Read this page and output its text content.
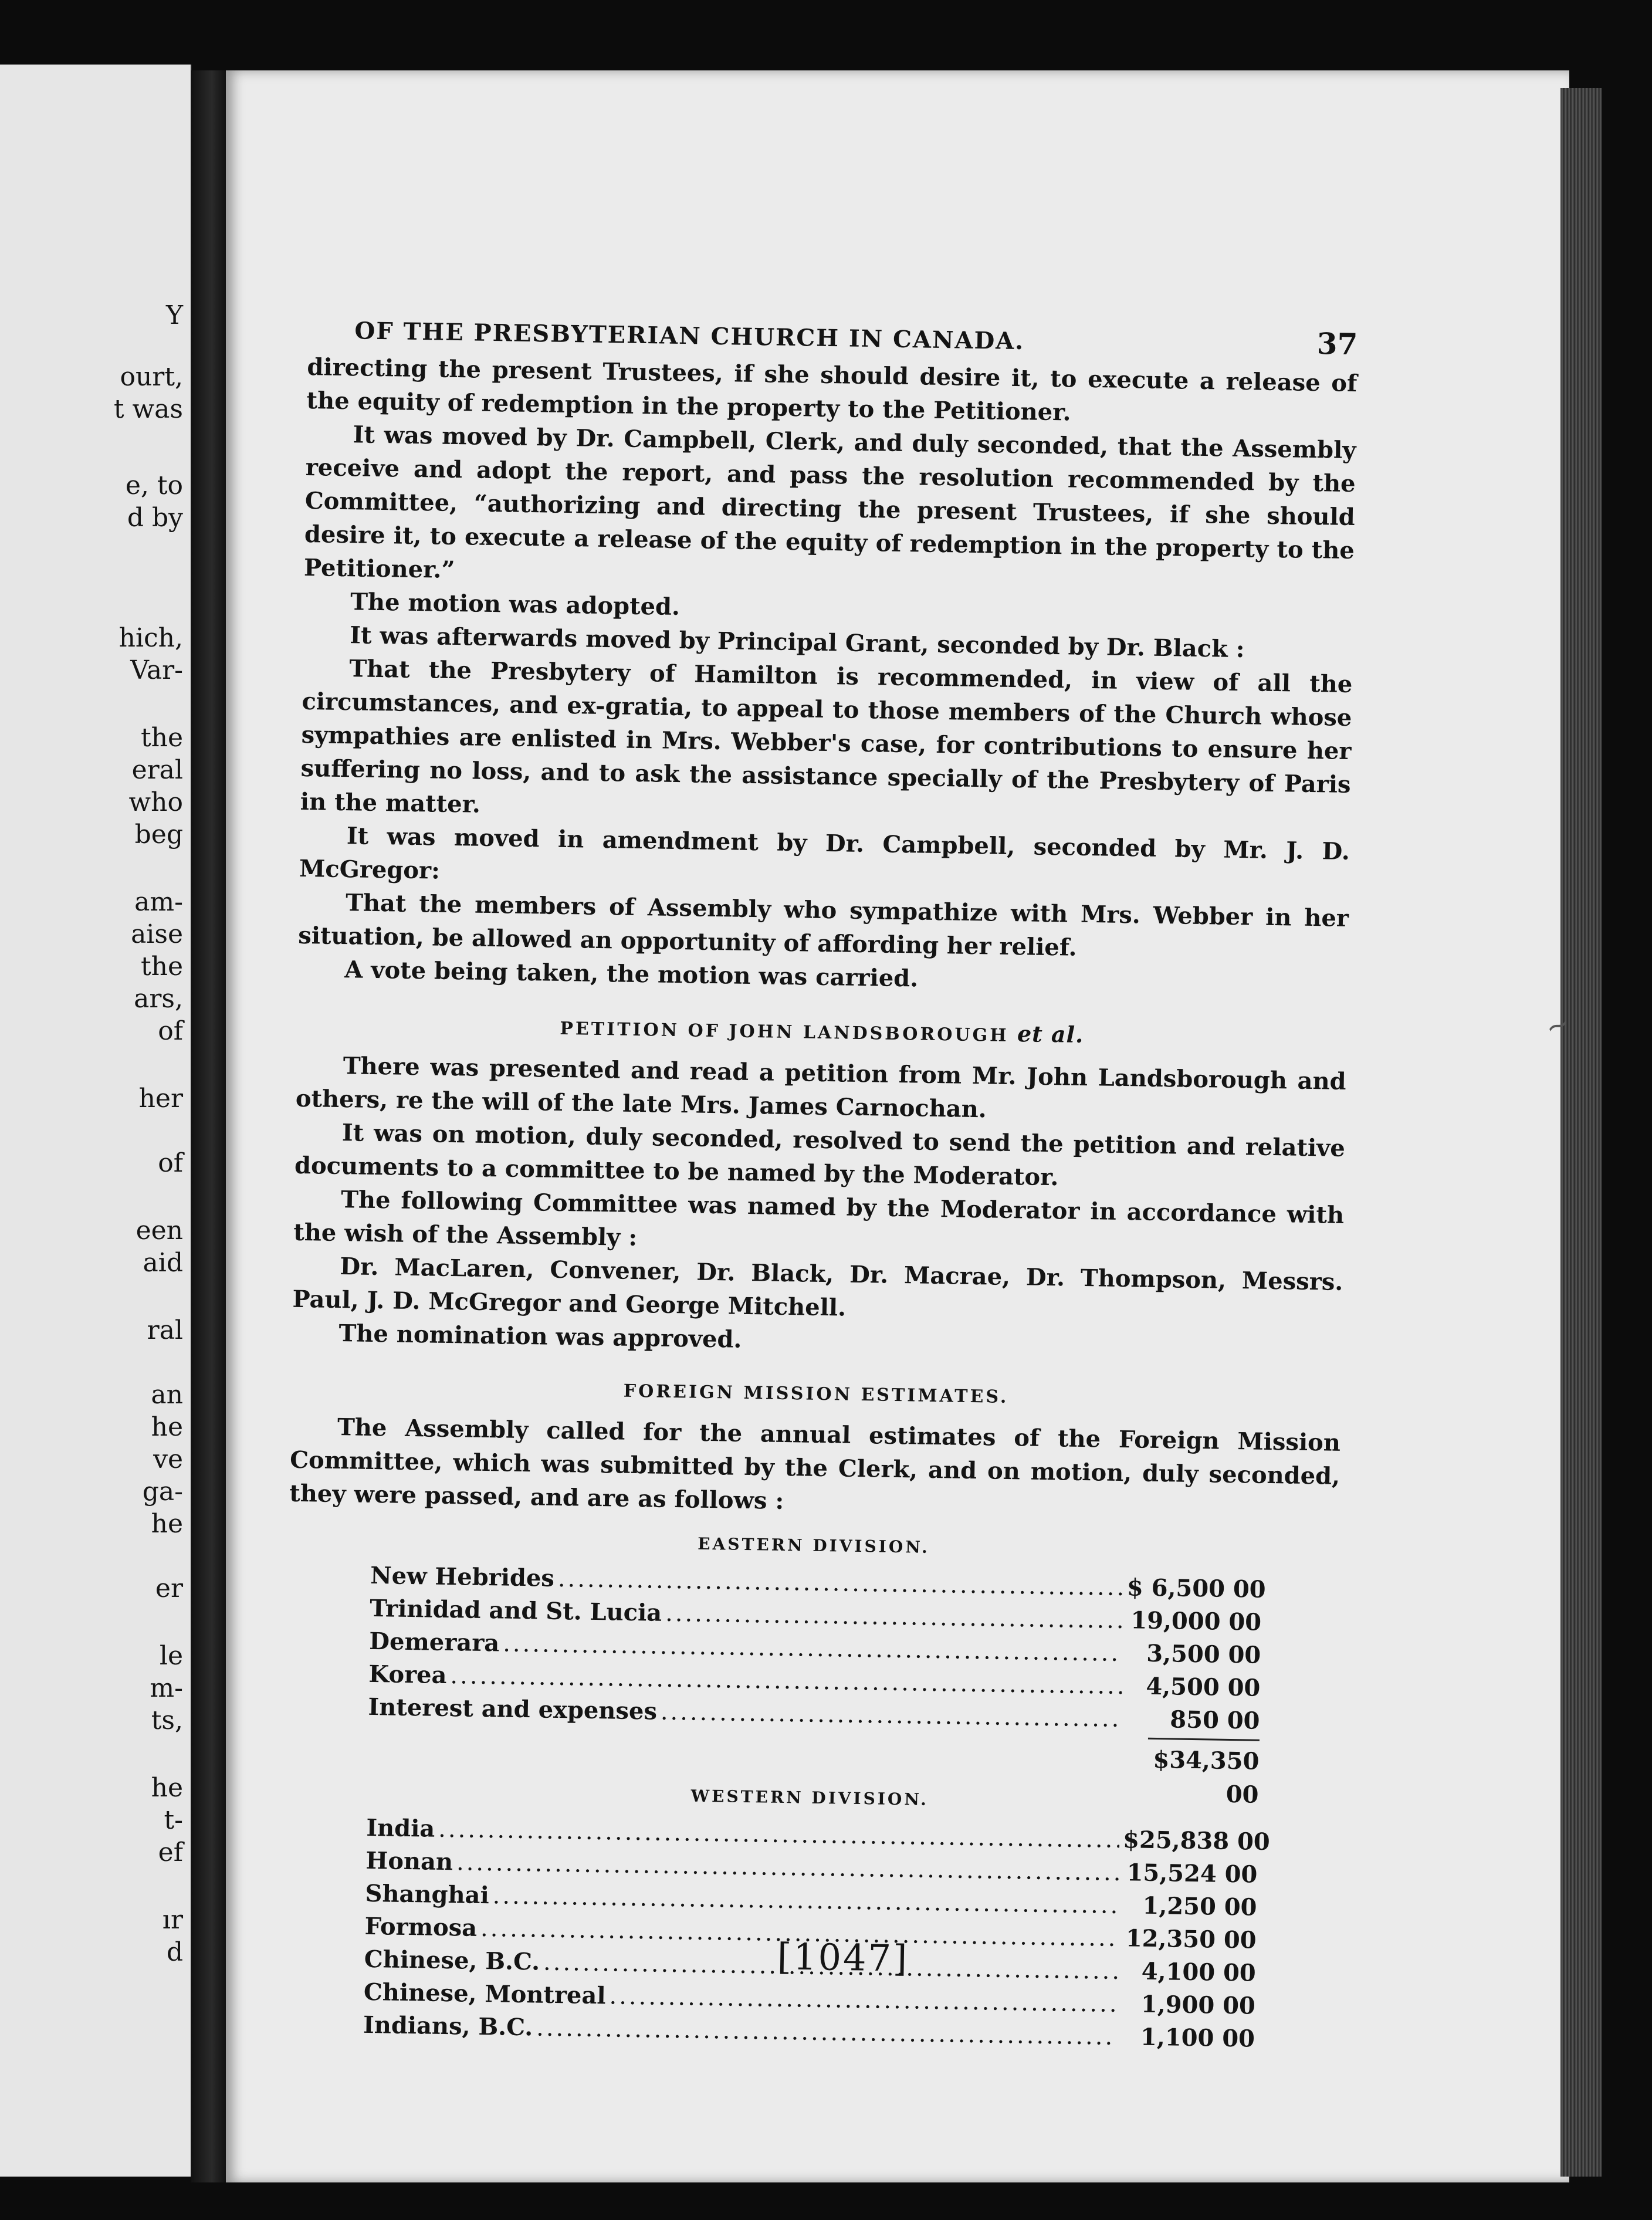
Y
ourt,
t was
e, to
d by
hich,
Var-
the
eral
who
beg
am-
aise
the
ars,
of
her
of
een
aid
ral
an
he
ve
ga-
he
er
le
m-
ts,
he
t-
ef
ır
d
OF THE PRESBYTERIAN CHURCH IN CANADA.	37

directing the present Trustees, if she should desire it, to execute a release of the equity of redemption in the property to the Petitioner.

It was moved by Dr. Campbell, Clerk, and duly seconded, that the Assembly receive and adopt the report, and pass the resolution recommended by the Committee, “authorizing and directing the present Trustees, if she should desire it, to execute a release of the equity of redemption in the property to the Petitioner.”

The motion was adopted.

It was afterwards moved by Principal Grant, seconded by Dr. Black :

That the Presbytery of Hamilton is recommended, in view of all the circumstances, and ex-gratia, to appeal to those members of the Church whose sympathies are enlisted in Mrs. Webber's case, for contributions to ensure her suffering no loss, and to ask the assistance specially of the Presbytery of Paris in the matter.

It was moved in amendment by Dr. Campbell, seconded by Mr. J. D. McGregor:

That the members of Assembly who sympathize with Mrs. Webber in her situation, be allowed an opportunity of affording her relief.

A vote being taken, the motion was carried.

PETITION OF JOHN LANDSBOROUGH et al.

There was presented and read a petition from Mr. John Landsborough and others, re the will of the late Mrs. James Carnochan.

It was on motion, duly seconded, resolved to send the petition and relative documents to a committee to be named by the Moderator.

The following Committee was named by the Moderator in accordance with the wish of the Assembly :

Dr. MacLaren, Convener, Dr. Black, Dr. Macrae, Dr. Thompson, Messrs. Paul, J. D. McGregor and George Mitchell.

The nomination was approved.

FOREIGN MISSION ESTIMATES.

The Assembly called for the annual estimates of the Foreign Mission Committee, which was submitted by the Clerk, and on motion, duly seconded, they were passed, and are as follows :

EASTERN DIVISION.
New Hebrides .....	$ 6,500 00
Trinidad and St. Lucia .....	19,000 00
Demerara .....	3,500 00
Korea .....	4,500 00
Interest and expenses .....	850 00
$34,350 00
WESTERN DIVISION.
India .....	$25,838 00
Honan .....	15,524 00
Shanghai .....	1,250 00
Formosa .....	12,350 00
Chinese, B.C. .....	4,100 00
Chinese, Montreal .....	1,900 00
Indians, B.C. .....	1,100 00
[1047]
~
